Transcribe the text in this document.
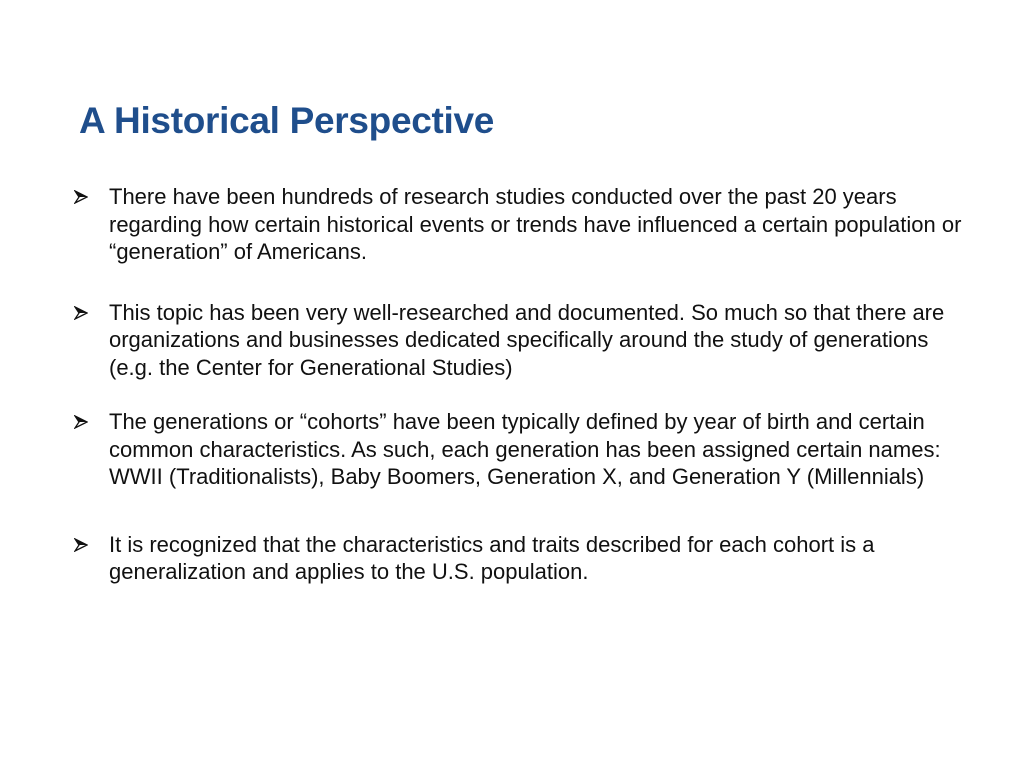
A Historical Perspective
There have been hundreds of research studies conducted over the past 20 years regarding how certain historical events or trends have influenced a certain population or “generation” of Americans.
This topic has been very well-researched and documented. So much so that there are organizations and businesses dedicated specifically around the study of generations (e.g. the Center for Generational Studies)
The generations or “cohorts” have been typically defined by year of birth and certain common characteristics. As such, each generation has been assigned certain names: WWII (Traditionalists), Baby Boomers, Generation X, and Generation Y (Millennials)
It is recognized that the characteristics and traits described for each cohort is a generalization and applies to the U.S. population.
